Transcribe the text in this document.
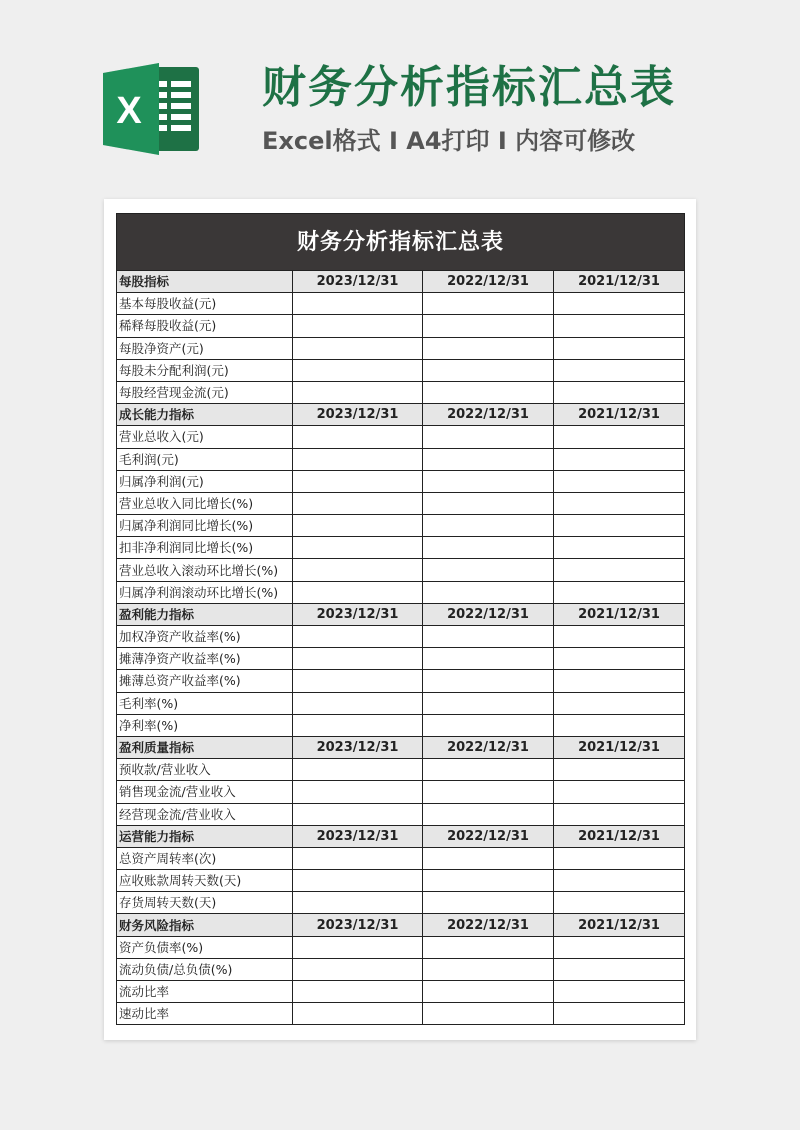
X	财务分析指标汇总表
Excel格式 I A4打印 I 内容可修改
财务分析指标汇总表			
每股指标	2023/12/31	2022/12/31	2021/12/31
基本每股收益(元)			
稀释每股收益(元)			
每股净资产(元)			
每股未分配利润(元)			
每股经营现金流(元)			
成长能力指标	2023/12/31	2022/12/31	2021/12/31
营业总收入(元)			
毛利润(元)			
归属净利润(元)			
营业总收入同比增长(%)			
归属净利润同比增长(%)			
扣非净利润同比增长(%)			
营业总收入滚动环比增长(%)			
归属净利润滚动环比增长(%)			
盈利能力指标	2023/12/31	2022/12/31	2021/12/31
加权净资产收益率(%)			
摊薄净资产收益率(%)			
摊薄总资产收益率(%)			
毛利率(%)			
净利率(%)			
盈利质量指标	2023/12/31	2022/12/31	2021/12/31
预收款/营业收入			
销售现金流/营业收入			
经营现金流/营业收入			
运营能力指标	2023/12/31	2022/12/31	2021/12/31
总资产周转率(次)			
应收账款周转天数(天)			
存货周转天数(天)			
财务风险指标	2023/12/31	2022/12/31	2021/12/31
资产负债率(%)			
流动负债/总负债(%)			
流动比率			
速动比率			
